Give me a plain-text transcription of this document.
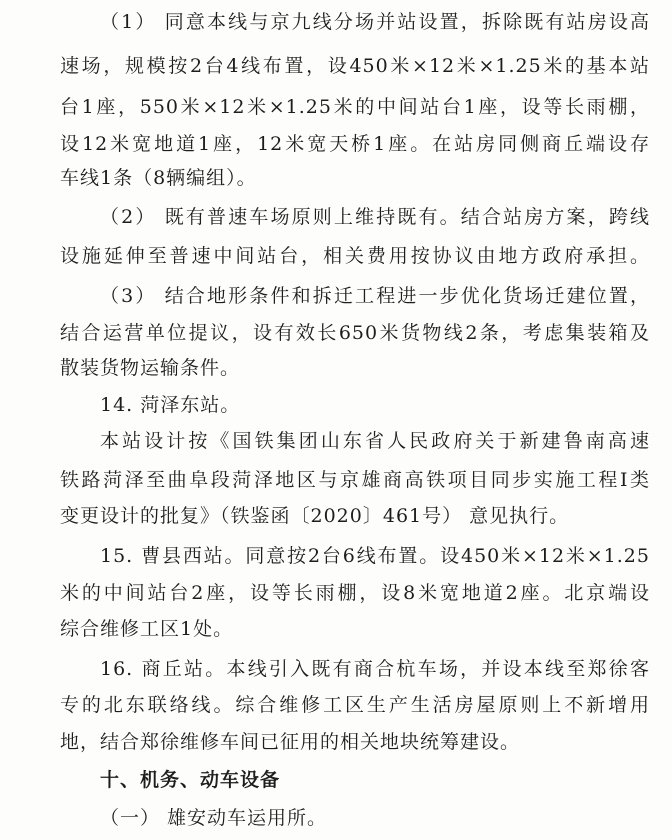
（1） 同意本线与京九线分场并站设置，拆除既有站房设高
速场，规模按2台4线布置，设450米×12米×1.25米的基本站
台1座，550米×12米×1.25米的中间站台1座，设等长雨棚，
设12米宽地道1座，12米宽天桥1座。在站房同侧商丘端设存
车线1条（8辆编组）。
（2） 既有普速车场原则上维持既有。结合站房方案，跨线
设施延伸至普速中间站台，相关费用按协议由地方政府承担。
（3） 结合地形条件和拆迁工程进一步优化货场迁建位置，
结合运营单位提议，设有效长650米货物线2条，考虑集装箱及
散装货物运输条件。
14. 菏泽东站。
本站设计按《国铁集团山东省人民政府关于新建鲁南高速
铁路菏泽至曲阜段菏泽地区与京雄商高铁项目同步实施工程Ⅰ类
变更设计的批复》（铁鉴函〔2020〕461号） 意见执行。
15. 曹县西站。同意按2台6线布置。设450米×12米×1.25
米的中间站台2座，设等长雨棚，设8米宽地道2座。北京端设
综合维修工区1处。
16. 商丘站。本线引入既有商合杭车场，并设本线至郑徐客
专的北东联络线。综合维修工区生产生活房屋原则上不新增用
地，结合郑徐维修车间已征用的相关地块统筹建设。
十、机务、动车设备
（一） 雄安动车运用所。
